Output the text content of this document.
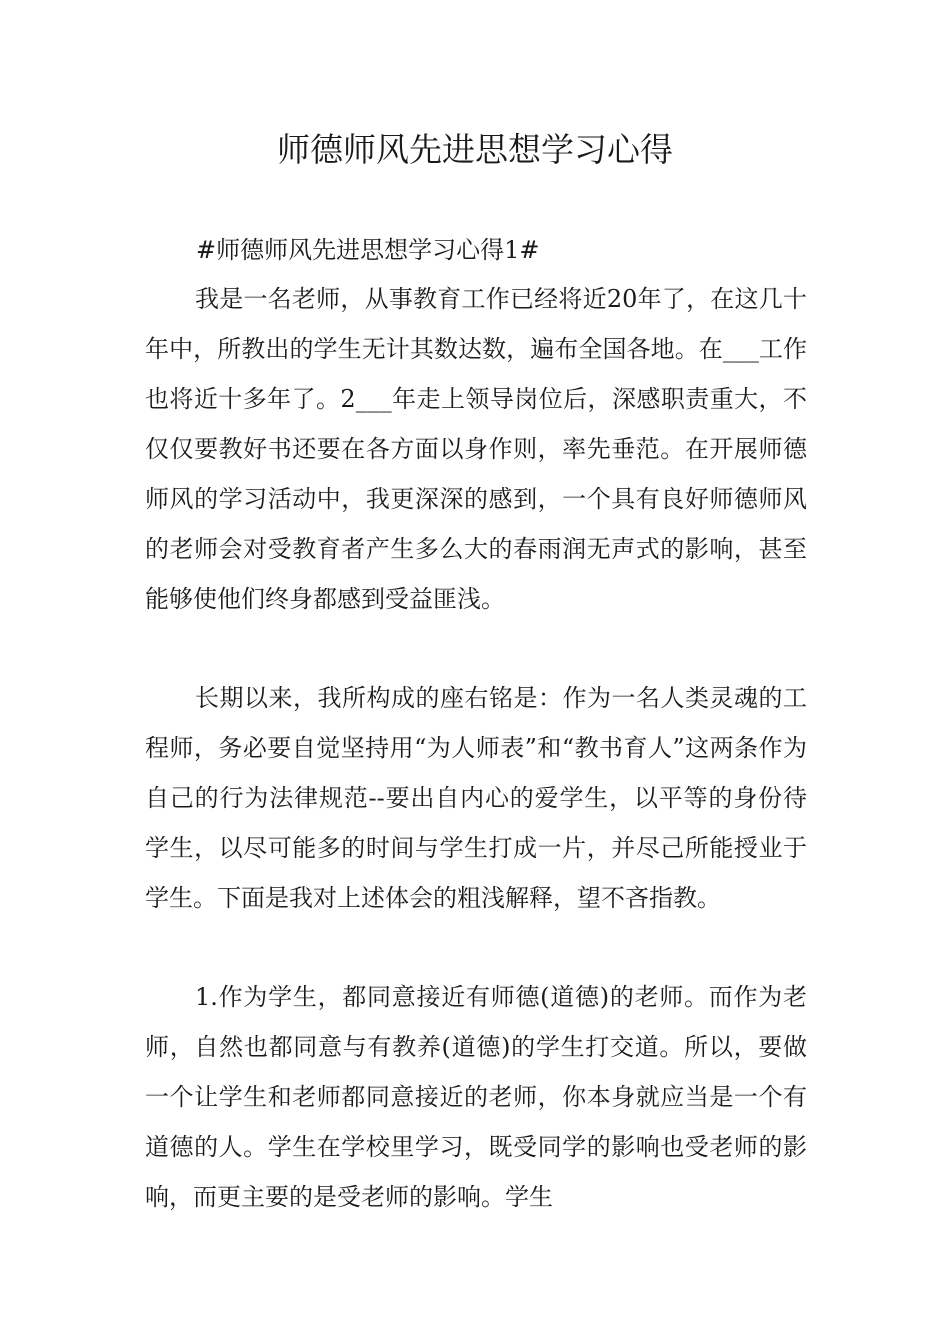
师德师风先进思想学习心得

#师德师风先进思想学习心得1#

我是一名老师，从事教育工作已经将近20年了，在这几十年中，所教出的学生无计其数达数，遍布全国各地。在___工作也将近十多年了。2___年走上领导岗位后，深感职责重大，不仅仅要教好书还要在各方面以身作则，率先垂范。在开展师德师风的学习活动中，我更深深的感到，一个具有良好师德师风的老师会对受教育者产生多么大的春雨润无声式的影响，甚至能够使他们终身都感到受益匪浅。

长期以来，我所构成的座右铭是：作为一名人类灵魂的工程师，务必要自觉坚持用“为人师表”和“教书育人”这两条作为自己的行为法律规范--要出自内心的爱学生，以平等的身份待学生，以尽可能多的时间与学生打成一片，并尽己所能授业于学生。下面是我对上述体会的粗浅解释，望不吝指教。

1.作为学生，都同意接近有师德(道德)的老师。而作为老师，自然也都同意与有教养(道德)的学生打交道。所以，要做一个让学生和老师都同意接近的老师，你本身就应当是一个有道德的人。学生在学校里学习，既受同学的影响也受老师的影响，而更主要的是受老师的影响。学生
